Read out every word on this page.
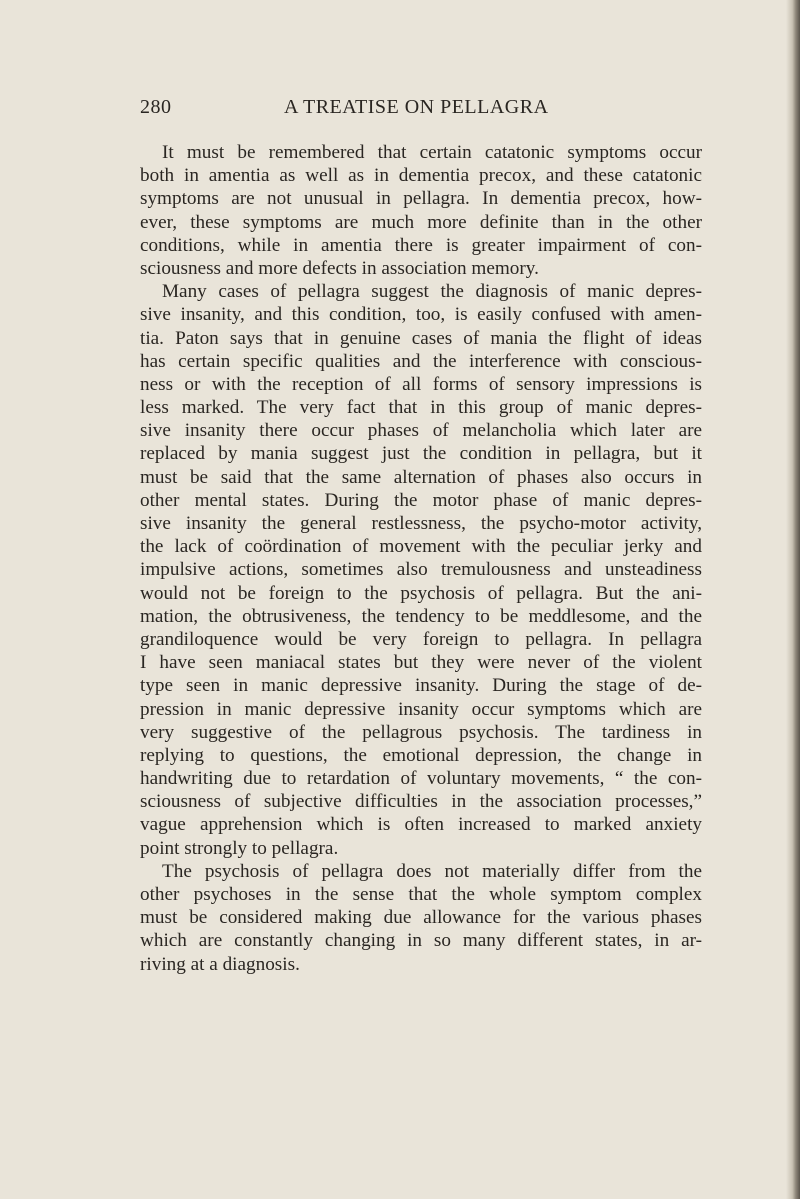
280	A TREATISE ON PELLAGRA
It must be remembered that certain catatonic symptoms occur
both in amentia as well as in dementia precox, and these catatonic
symptoms are not unusual in pellagra. In dementia precox, how-
ever, these symptoms are much more definite than in the other
conditions, while in amentia there is greater impairment of con-
sciousness and more defects in association memory.
Many cases of pellagra suggest the diagnosis of manic depres-
sive insanity, and this condition, too, is easily confused with amen-
tia. Paton says that in genuine cases of mania the flight of ideas
has certain specific qualities and the interference with conscious-
ness or with the reception of all forms of sensory impressions is
less marked. The very fact that in this group of manic depres-
sive insanity there occur phases of melancholia which later are
replaced by mania suggest just the condition in pellagra, but it
must be said that the same alternation of phases also occurs in
other mental states. During the motor phase of manic depres-
sive insanity the general restlessness, the psycho-motor activity,
the lack of coördination of movement with the peculiar jerky and
impulsive actions, sometimes also tremulousness and unsteadiness
would not be foreign to the psychosis of pellagra. But the ani-
mation, the obtrusiveness, the tendency to be meddlesome, and the
grandiloquence would be very foreign to pellagra. In pellagra
I have seen maniacal states but they were never of the violent
type seen in manic depressive insanity. During the stage of de-
pression in manic depressive insanity occur symptoms which are
very suggestive of the pellagrous psychosis. The tardiness in
replying to questions, the emotional depression, the change in
handwriting due to retardation of voluntary movements, “ the con-
sciousness of subjective difficulties in the association processes,”
vague apprehension which is often increased to marked anxiety
point strongly to pellagra.
The psychosis of pellagra does not materially differ from the
other psychoses in the sense that the whole symptom complex
must be considered making due allowance for the various phases
which are constantly changing in so many different states, in ar-
riving at a diagnosis.
